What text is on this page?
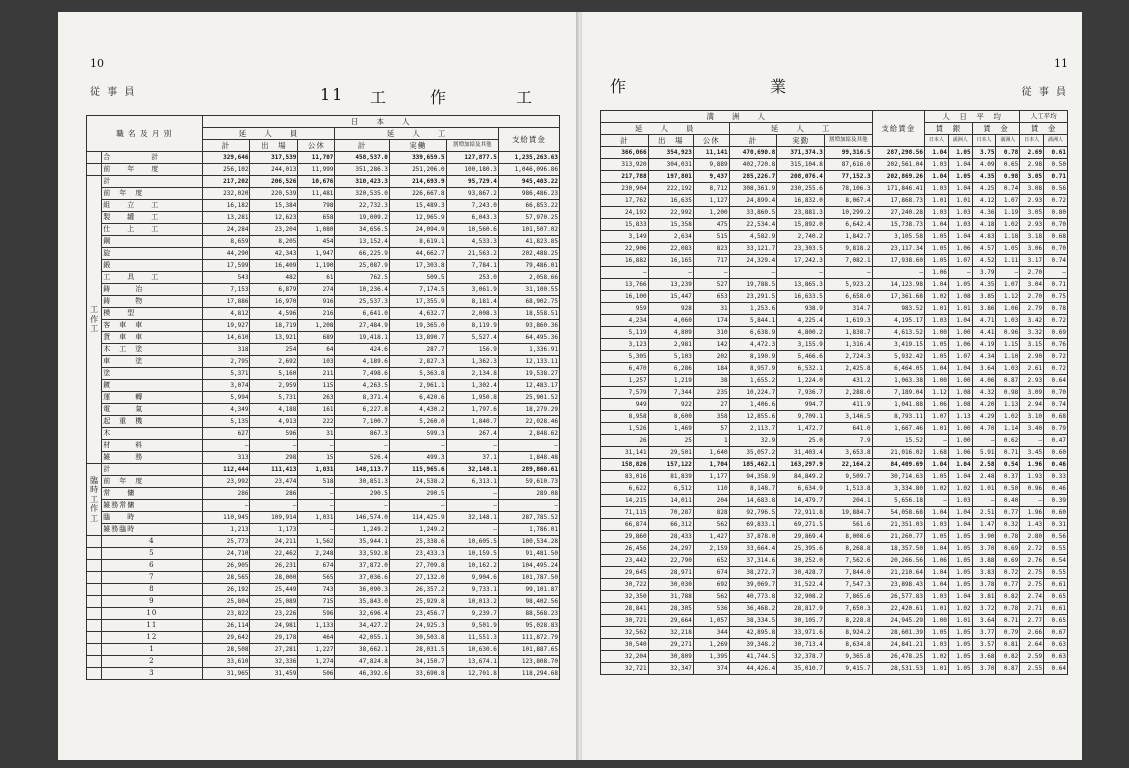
10
従 事 員	11 工	作	工
職 名 及 月 別		日　　本　　人						
		延　　人　　員			延　　人　　工			支給賃金
		計	出　場	公休	計	実働	割増加給及其他	
	合　　　　　計	329,646	317,539	11,707	458,537.0	339,659.5	127,877.5	1,235,263.63
	前　　年　　度	256,102	244,013	11,999	351,286.3	251,206.0	100,180.3	1,046,096.86
工 作 工	計	217,202	206,526	10,676	310,423.3	214,693.9	95,729.4	945,403.22
	前　年　度	232,020	220,539	11,481	320,535.0	226,667.8	93,867.2	986,486.23
	組　　立　　工	16,182	15,384	798	22,732.3	15,489.3	7,243.0	66,853.22
	製　　罐　　工	13,281	12,623	658	19,009.2	12,965.9	6,043.3	57,970.25
	仕　　上　　工	24,284	23,204	1,080	34,656.5	24,094.9	10,560.6	101,507.02
	鋼	8,659	8,205	454	13,152.4	8,619.1	4,533.3	41,823.85
	旋	44,290	42,343	1,947	66,225.9	44,662.7	21,563.2	202,488.25
	鍛	17,599	16,409	1,190	25,087.9	17,303.8	7,784.1	79,486.01
	工　　具　　工	543	482	61	762.5	509.5	253.0	2,058.66
	鋳　　　冶	7,153	6,879	274	10,236.4	7,174.5	3,061.9	31,100.55
	鋳　　　物	17,886	16,970	916	25,537.3	17,355.9	8,181.4	68,902.75
	模　　型	4,812	4,596	216	6,641.0	4,632.7	2,008.3	18,558.51
	客　車　車	19,927	18,719	1,208	27,484.9	19,365.0	8,119.9	93,860.36
	貨　車　車	14,610	13,921	689	19,418.1	13,890.7	5,527.4	64,495.36
	木　工　塗	318	254	64	424.6	287.7	156.9	1,336.91
	車　　　塗	2,795	2,692	103	4,189.6	2,827.3	1,362.3	12,133.11
	塗	5,371	5,160	211	7,498.6	5,363.8	2,134.8	19,538.27
	鍍	3,074	2,959	115	4,263.5	2,961.1	1,302.4	12,483.17
	運　　　轉	5,994	5,731	263	8,371.4	6,420.6	1,950.8	25,901.52
	電　　　氣	4,349	4,188	161	6,227.8	4,430.2	1,797.6	18,279.29
	起　重　機	5,135	4,913	222	7,100.7	5,260.0	1,840.7	22,028.46
	木	627	596	31	867.3	599.3	267.4	2,848.62
	材　　　料	—	—	—	—	—	—	—
	雑　　　務	313	298	15	526.4	499.3	37.1	1,848.48
臨時工作工	計	112,444	111,413	1,031	148,113.7	115,965.6	32,148.1	289,860.61
	前　年　度	23,992	23,474	518	30,851.3	24,538.2	6,313.1	59,610.73
	常　　傭	286	286	—	290.5	290.5	—	289.08
	雑務常傭	—	—	—	—	—	—	—
	臨　　時	110,945	109,914	1,031	146,574.0	114,425.9	32,148.1	287,785.52
	雑務臨時	1,213	1,173	—	1,249.2	1,249.2	—	1,786.01
	4	25,773	24,211	1,562	35,944.1	25,338.6	10,605.5	100,534.28
	5	24,710	22,462	2,248	33,592.8	23,433.3	10,159.5	91,481.50
	6	26,905	26,231	674	37,872.0	27,709.8	10,162.2	104,495.24
	7	28,565	28,000	565	37,036.6	27,132.0	9,904.6	101,787.50
	8	26,192	25,449	743	36,090.3	26,357.2	9,733.1	99,101.87
	9	25,804	25,089	715	35,843.0	25,929.8	10,013.2	98,402.56
	10	23,822	23,226	596	32,696.4	23,456.7	9,239.7	88,568.23
	11	26,114	24,981	1,133	34,427.2	24,925.3	9,501.9	95,028.83
	12	29,642	29,178	464	42,055.1	30,503.8	11,551.3	111,872.79
	1	28,508	27,281	1,227	38,662.1	28,031.5	10,630.6	101,887.65
	2	33,610	32,336	1,274	47,824.8	34,150.7	13,674.1	123,808.70
	3	31,965	31,459	506	46,392.6	33,690.8	12,701.8	118,294.68
11
従 事 員
作	業
満　　洲　　人						支給賃金	人　日　平　均				人工平均	
延　　人　　員			延　　人　　工				賃　 銀		賃　 金		賃　 金	
計	出　場	公休	計	実勤	割増加給及其他		日本人	満洲人	日本人	満洲人	日本人	満洲人
366,066	354,923	11,141	470,690.8	371,374.3	99,316.5	287,298.56	1.04	1.05	3.75	0.78	2.69	0.61
313,920	304,031	9,889	402,720.8	315,104.8	87,616.0	202,561.04	1.03	1.04	4.09	0.65	2.98	0.50
217,788	197,801	9,437	285,226.7	208,076.4	77,152.3	202,869.26	1.04	1.05	4.35	0.98	3.05	0.71
230,904	222,192	8,712	308,361.9	230,255.6	78,106.3	171,846.41	1.03	1.04	4.25	0.74	3.08	0.56
17,762	16,635	1,127	24,899.4	16,832.0	8,067.4	17,868.73	1.01	1.01	4.12	1.07	2.93	0.72
24,192	22,992	1,200	33,860.5	23,881.3	10,299.2	27,240.28	1.03	1.03	4.36	1.19	3.05	0.80
15,833	15,358	475	22,534.4	15,892.0	6,642.4	15,738.73	1.04	1.03	4.18	1.02	2.93	0.70
3,149	2,634	515	4,582.9	2,740.2	1,842.7	3,105.58	1.05	1.04	4.83	1.18	3.18	0.68
22,906	22,083	823	33,121.7	23,303.5	9,818.2	23,117.34	1.05	1.06	4.57	1.05	3.06	0.70
16,882	16,165	717	24,329.4	17,242.3	7,082.1	17,938.60	1.05	1.07	4.52	1.11	3.17	0.74
—	—	—	—	—	—	—	1.06	—	3.79	—	2.70	—
13,766	13,239	527	19,788.5	13,865.3	5,923.2	14,123.98	1.04	1.05	4.35	1.07	3.04	0.71
16,100	15,447	653	23,291.5	16,633.5	6,658.0	17,361.68	1.02	1.08	3.85	1.12	2.70	0.75
959	928	31	1,253.6	938.9	314.7	983.52	1.01	1.01	3.86	1.06	2.79	0.78
4,234	4,060	174	5,844.1	4,225.4	1,619.3	4,195.17	1.03	1.04	4.71	1.03	3.42	0.72
5,119	4,809	310	6,638.9	4,800.2	1,838.7	4,613.52	1.00	1.00	4.41	0.96	3.32	0.69
3,123	2,981	142	4,472.3	3,155.9	1,316.4	3,419.15	1.05	1.06	4.19	1.15	3.15	0.76
5,305	5,103	202	8,190.9	5,466.6	2,724.3	5,932.42	1.05	1.07	4.34	1.10	2.90	0.72
6,470	6,286	184	8,957.9	6,532.1	2,425.8	6,464.05	1.04	1.04	3.64	1.03	2.61	0.72
1,257	1,219	38	1,655.2	1,224.0	431.2	1,063.38	1.00	1.00	4.06	0.87	2.93	0.64
7,579	7,344	235	10,224.7	7,936.7	2,288.0	7,189.04	1.12	1.08	4.32	0.98	3.09	0.70
949	922	27	1,406.6	994.7	411.9	1,041.88	1.06	1.08	4.20	1.13	2.94	0.74
8,958	8,600	358	12,855.6	9,709.1	3,146.5	8,793.11	1.07	1.13	4.29	1.02	3.10	0.68
1,526	1,469	57	2,113.7	1,472.7	641.0	1,667.46	1.01	1.00	4.70	1.14	3.40	0.79
26	25	1	32.9	25.0	7.9	15.52	—	1.00	—	0.62	—	0.47
31,141	29,501	1,640	35,057.2	31,403.4	3,653.8	21,016.02	1.68	1.06	5.91	0.71	3.45	0.60
158,826	157,122	1,704	185,462.1	163,297.9	22,164.2	84,409.69	1.04	1.04	2.58	0.54	1.96	0.46
83,016	81,839	1,177	94,358.9	84,849.2	9,509.7	30,714.63	1.05	1.04	2.48	0.37	1.93	0.33
6,622	6,512	110	8,148.7	6,634.9	1,513.8	3,334.80	1.02	1.02	1.01	0.50	0.96	0.46
14,215	14,011	204	14,683.8	14,479.7	204.1	5,656.18	—	1.03	—	0.40	—	0.39
71,115	70,287	828	92,796.5	72,911.8	19,884.7	54,058.68	1.04	1.04	2.51	0.77	1.96	0.60
66,874	66,312	562	69,833.1	69,271.5	561.6	21,351.03	1.03	1.04	1.47	0.32	1.43	0.31
29,860	28,433	1,427	37,878.0	29,869.4	8,008.6	21,260.77	1.05	1.05	3.90	0.78	2.80	0.56
26,456	24,297	2,159	33,664.4	25,395.6	8,268.8	18,357.50	1.04	1.05	3.70	0.69	2.72	0.55
23,442	22,790	652	37,314.6	30,252.0	7,562.6	20,266.56	1.06	1.05	3.88	0.69	2.76	0.54
29,645	28,971	674	38,272.7	30,428.7	7,844.0	21,210.64	1.04	1.05	3.83	0.72	2.75	0.55
30,722	30,030	692	39,069.7	31,522.4	7,547.3	23,898.43	1.04	1.05	3.78	0.77	2.75	0.61
32,350	31,788	562	40,773.8	32,908.2	7,865.6	26,577.83	1.03	1.04	3.81	0.82	2.74	0.65
28,841	28,305	536	36,468.2	28,817.9	7,650.3	22,420.61	1.01	1.02	3.72	0.78	2.71	0.61
30,721	29,664	1,057	38,334.5	30,105.7	8,228.8	24,945.29	1.00	1.01	3.64	0.71	2.77	0.65
32,562	32,218	344	42,895.8	33,971.6	8,924.2	28,601.39	1.05	1.05	3.77	0.79	2.66	0.67
30,540	29,271	1,269	39,348.2	30,713.4	8,634.8	24,841.21	1.03	1.05	3.57	0.81	2.64	0.63
32,204	30,809	1,395	41,744.5	32,378.7	9,365.8	26,478.25	1.02	1.05	3.68	0.82	2.59	0.63
32,721	32,347	374	44,426.4	35,010.7	9,415.7	28,531.53	1.01	1.05	3.70	0.87	2.55	0.64
